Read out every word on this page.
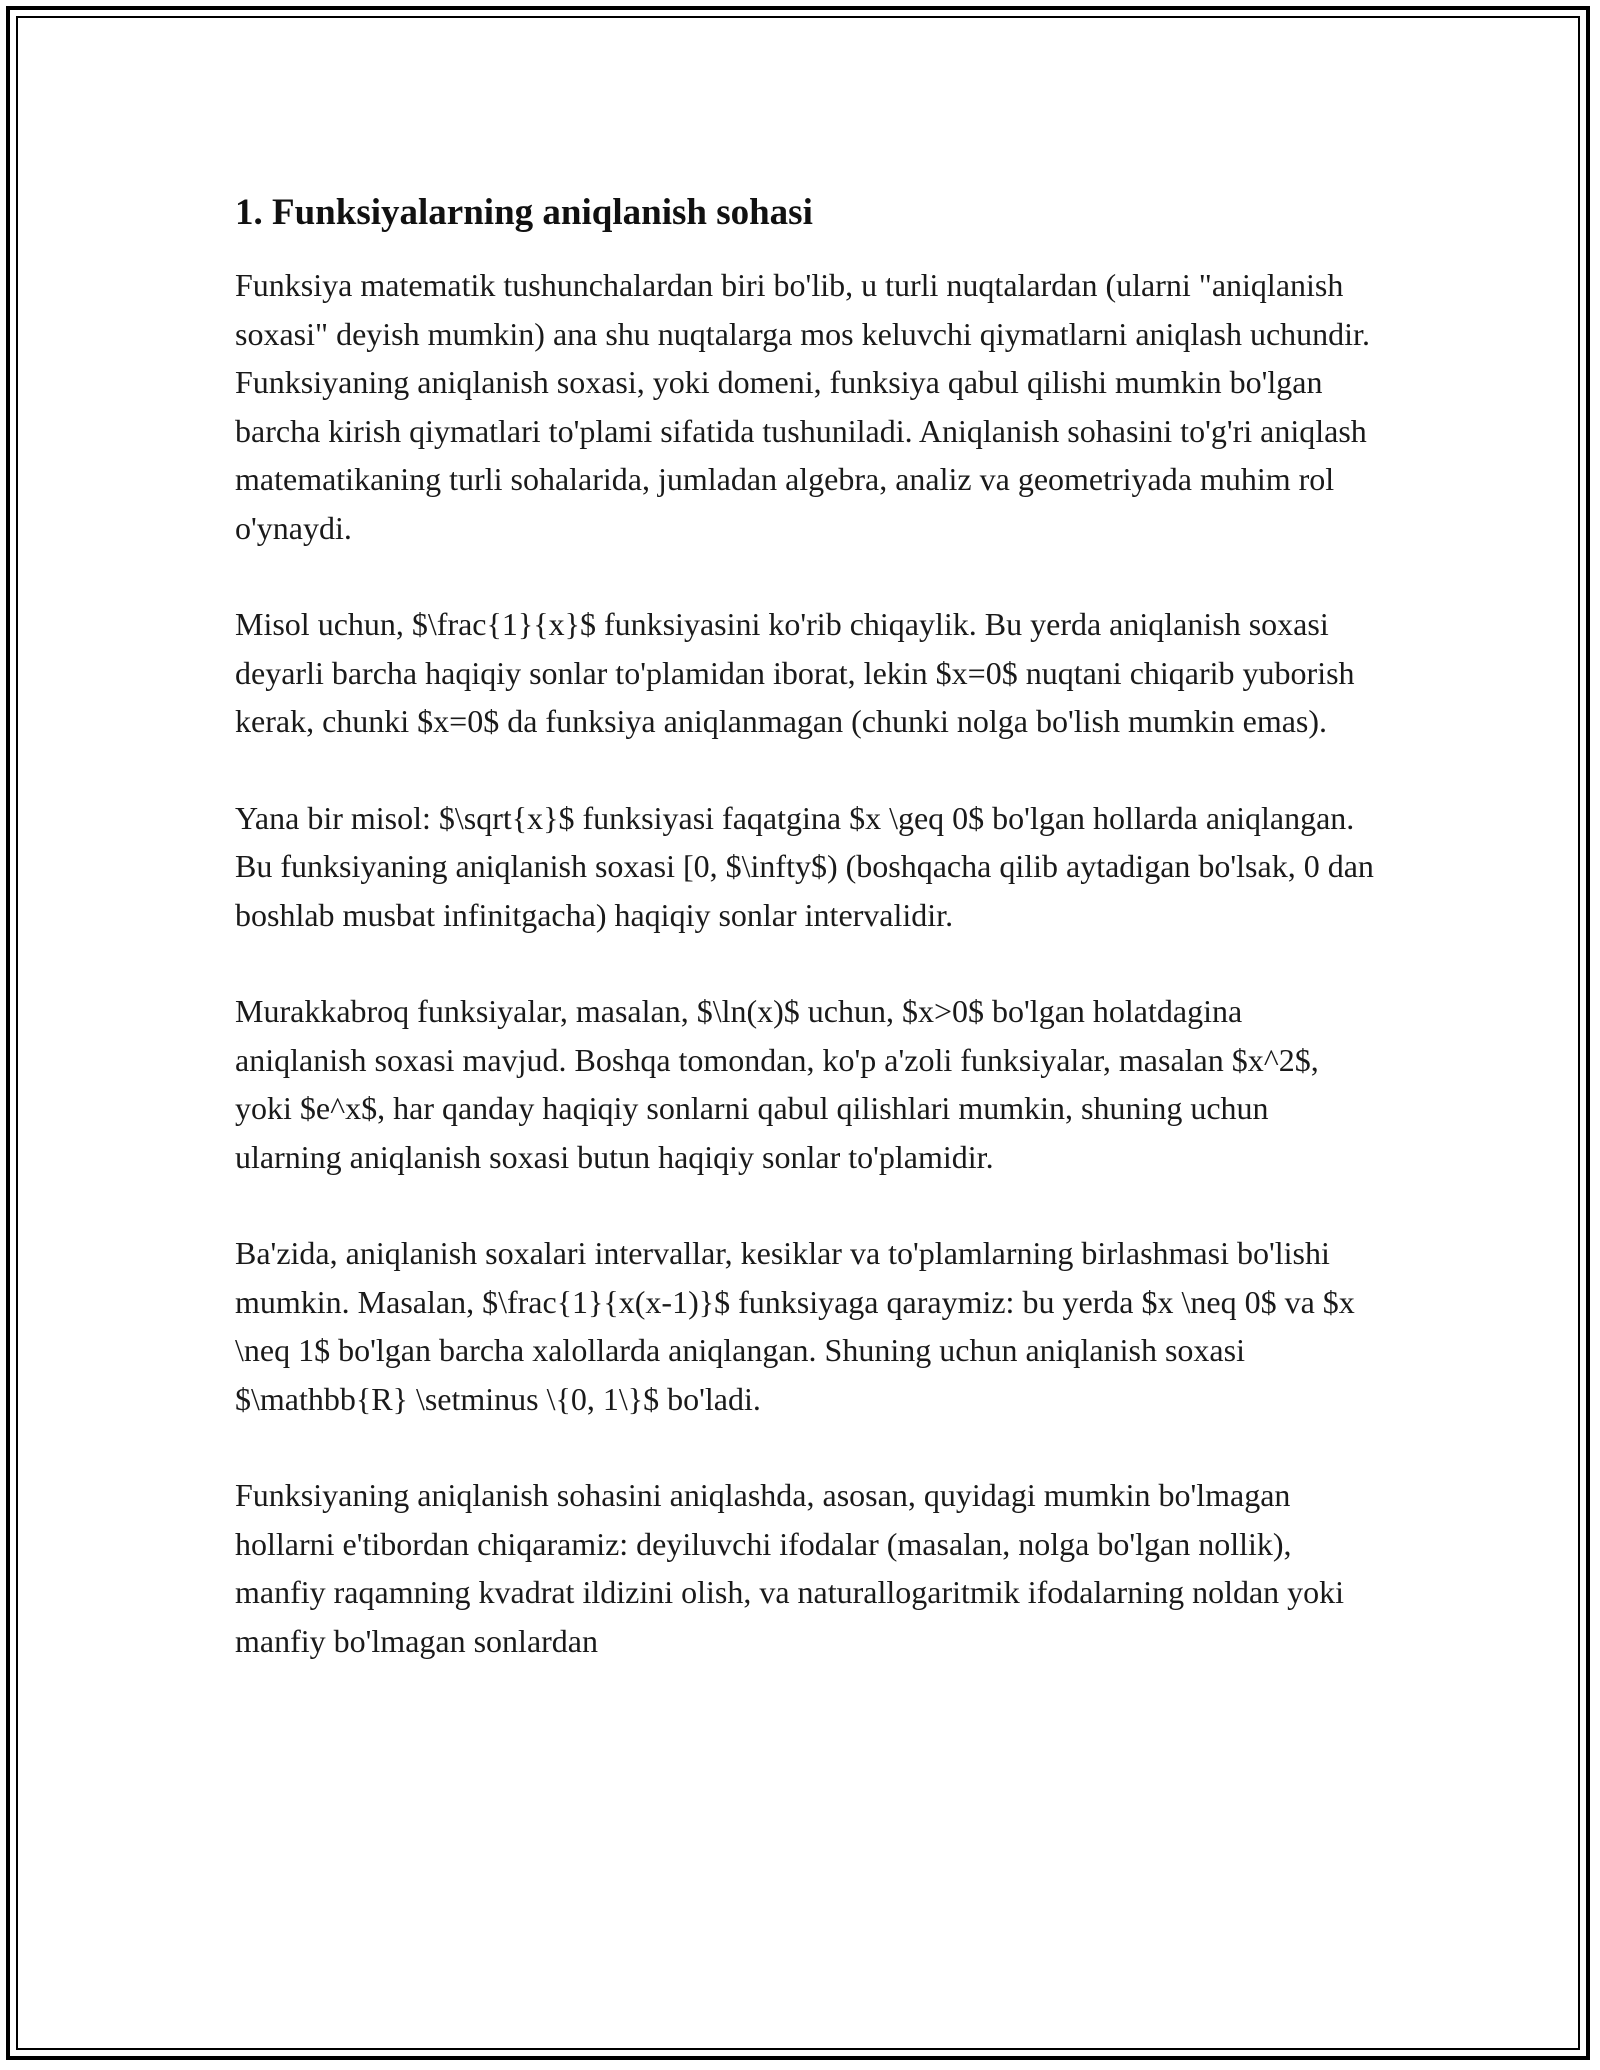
1. Funksiyalarning aniqlanish sohasi

Funksiya matematik tushunchalardan biri bo'lib, u turli nuqtalardan (ularni "aniqlanish soxasi" deyish mumkin) ana shu nuqtalarga mos keluvchi qiymatlarni aniqlash uchundir. Funksiyaning aniqlanish soxasi, yoki domeni, funksiya qabul qilishi mumkin bo'lgan barcha kirish qiymatlari to'plami sifatida tushuniladi. Aniqlanish sohasini to'g'ri aniqlash matematikaning turli sohalarida, jumladan algebra, analiz va geometriyada muhim rol o'ynaydi.

Misol uchun, $\frac{1}{x}$ funksiyasini ko'rib chiqaylik. Bu yerda aniqlanish soxasi deyarli barcha haqiqiy sonlar to'plamidan iborat, lekin $x=0$ nuqtani chiqarib yuborish kerak, chunki $x=0$ da funksiya aniqlanmagan (chunki nolga bo'lish mumkin emas).

Yana bir misol: $\sqrt{x}$ funksiyasi faqatgina $x \geq 0$ bo'lgan hollarda aniqlangan. Bu funksiyaning aniqlanish soxasi [0, $\infty$) (boshqacha qilib aytadigan bo'lsak, 0 dan boshlab musbat infinitgacha) haqiqiy sonlar intervalidir.

Murakkabroq funksiyalar, masalan, $\ln(x)$ uchun, $x>0$ bo'lgan holatdagina aniqlanish soxasi mavjud. Boshqa tomondan, ko'p a'zoli funksiyalar, masalan $x^2$, yoki $e^x$, har qanday haqiqiy sonlarni qabul qilishlari mumkin, shuning uchun ularning aniqlanish soxasi butun haqiqiy sonlar to'plamidir.

Ba'zida, aniqlanish soxalari intervallar, kesiklar va to'plamlarning birlashmasi bo'lishi mumkin. Masalan, $\frac{1}{x(x-1)}$ funksiyaga qaraymiz: bu yerda $x \neq 0$ va $x \neq 1$ bo'lgan barcha xalollarda aniqlangan. Shuning uchun aniqlanish soxasi $\mathbb{R} \setminus \{0, 1\}$ bo'ladi.

Funksiyaning aniqlanish sohasini aniqlashda, asosan, quyidagi mumkin bo'lmagan hollarni e'tibordan chiqaramiz: deyiluvchi ifodalar (masalan, nolga bo'lgan nollik), manfiy raqamning kvadrat ildizini olish, va naturallogaritmik ifodalarning noldan yoki manfiy bo'lmagan sonlardan
